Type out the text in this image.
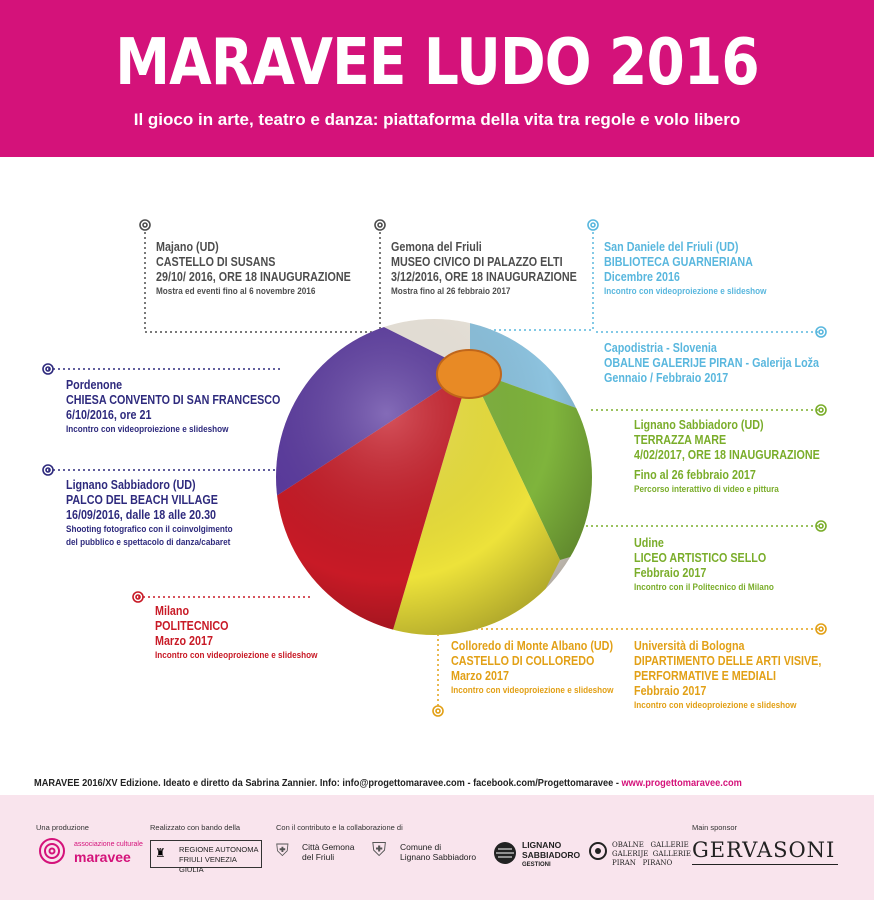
MARAVEE LUDO 2016
Il gioco in arte, teatro e danza: piattaforma della vita tra regole e volo libero
Majano (UD)
CASTELLO DI SUSANS
29/10/ 2016, ORE 18 INAUGURAZIONE
Mostra ed eventi fino al 6 novembre 2016
Gemona del Friuli
MUSEO CIVICO DI PALAZZO ELTI
3/12/2016, ORE 18 INAUGURAZIONE
Mostra fino al 26 febbraio 2017
San Daniele del Friuli (UD)
BIBLIOTECA GUARNERIANA
Dicembre 2016
Incontro con videoproiezione e slideshow
Capodistria - Slovenia
OBALNE GALERIJE PIRAN - Galerija Loža
Gennaio / Febbraio 2017
Pordenone
CHIESA CONVENTO DI SAN FRANCESCO
6/10/2016, ore 21
Incontro con videoproiezione e slideshow	Lignano Sabbiadoro (UD)
TERRAZZA MARE
4/02/2017, ORE 18 INAUGURAZIONE
Fino al 26 febbraio 2017
Percorso interattivo di video e pittura
Lignano Sabbiadoro (UD)
PALCO DEL BEACH VILLAGE
16/09/2016, dalle 18 alle 20.30
Shooting fotografico con il coinvolgimento
del pubblico e spettacolo di danza/cabaret	Udine
LICEO ARTISTICO SELLO
Febbraio 2017
Incontro con il Politecnico di Milano
Milano
POLITECNICO
Marzo 2017
Incontro con videoproiezione e slideshow
Colloredo di Monte Albano (UD)
CASTELLO DI COLLOREDO
Marzo 2017
Incontro con videoproiezione e slideshow
Università di Bologna
DIPARTIMENTO DELLE ARTI VISIVE,
PERFORMATIVE E MEDIALI
Febbraio 2017
Incontro con videoproiezione e slideshow
MARAVEE 2016/XV Edizione. Ideato e diretto da Sabrina Zannier. Info: info@progettomaravee.com - facebook.com/Progettomaravee - www.progettomaravee.com
Una produzione	Realizzato con bando della	Con il contributo e la collaborazione di	Main sponsor
associazione culturale
maravee	♜ REGIONE AUTONOMA
FRIULI VENEZIA GIULIA
⛨ Città Gemona
del Friuli	⛨ Comune di
Lignano Sabbiadoro
LIGNANO
SABBIADORO
GESTIONI
OBALNE   GALLERIE
GALERIJE  GALLERIE
PIRAN   PIRANO
GERVASONI
